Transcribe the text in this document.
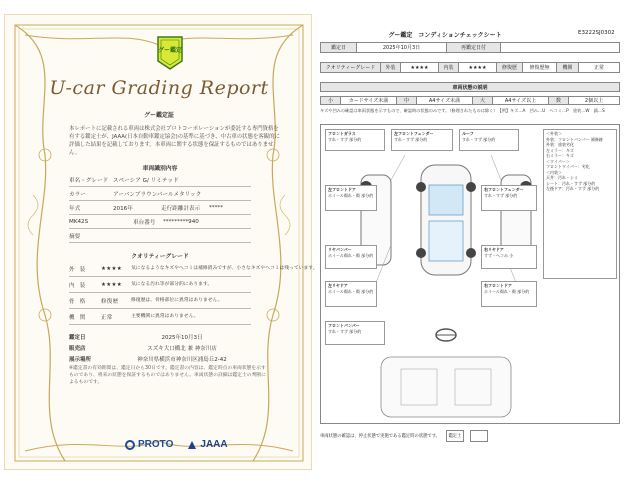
グー鑑定
U-car Grading Report
グー鑑定証
本レポートに記載される車両は株式会社プロトコーポレーションが委託する専門資格を有する鑑定士が、JAAA(日本自動車鑑定協会)の基準に基づき、中古車の状態を客観的に評価した結果を記載しております。本車両に関する状態を保証するものではありません。
車両識別内容
車名・グレード スペーシア G/ リミテッド
カラー	アーバンブラウンパールメタリック
年式	2016年	走行距離計表示	*****
MK42S	車台番号	*********940
摘要
クオリティーグレード
外　装	★★★★	気になるようなキズやヘコミは補修済みですが、小さなキズやヘコミは残っています。
内　装	★★★★	気になる汚れ等が部分的にあります。
骨　格	修復歴	修復歴は、骨格部位に異常はありません。
機　関	正常	主要機関に異常はありません。
鑑定日	2025年10月3日
販売店	スズキ大口橋北 兼 神奈川店
展示場所	神奈川県横浜市神奈川区浦島丘2-42
※鑑定書の有効期間は、鑑定日から30日です。鑑定書の内容は、鑑定時点の車両状態を示すものであり、将来の状態を保証するものではありません。車両状態の詳細は鑑定士の判断によるものです。
PROTO	JAAA
グー鑑定　コンディションチェックシート	E3222SJ0302
鑑定日	2025年10月3日	再鑑定日付
クオリティーグレード	外装	★★★★	内装	★★★★	修復歴	修復歴無	機関	正常
車両状態の説明
小	カードサイズ未満	中	A4サイズ未満	大	A4サイズ以上	数	2個以上
キズや凹みの確認は車両状態を示すもので、確認時の状態のみです。（修理されたものは除く）　【例】キズ…A　凹み…U　ヘコミ…P　塗装…W　錆…S
フロントガラス
すれ・すず 部分的
左フロントフェンダー
すれ・すず 部分的
左フロントドア
ホイール傷れ・傷 部分的
ルーフ
すれ・すず 部分的
左リヤドア
ホイール傷れ・傷 部分的
右フロントフェンダー
すれ・すず 部分的
右フロントドア
ホイール傷れ・傷 部分的
右リヤドア
すず・ヘコみ 小
リヤバンパー
ホイール傷れ・傷 部分的
フロントバンパー
すれ・すず 部分的
＜外装＞
外装：フロントバンパー 補修跡
外装：塗装劣化
左ミラー：キズ
右ミラー：キズ
＜ワイパー＞
フロントワイパー：劣化
＜内装＞
天井：汚れ・シミ
シート：汚れ・すず 部分的
左後ドア：汚れ・すず 部分的
車両状態の確認は、停止状態で実施である鑑定時の状態です。	鑑定士
